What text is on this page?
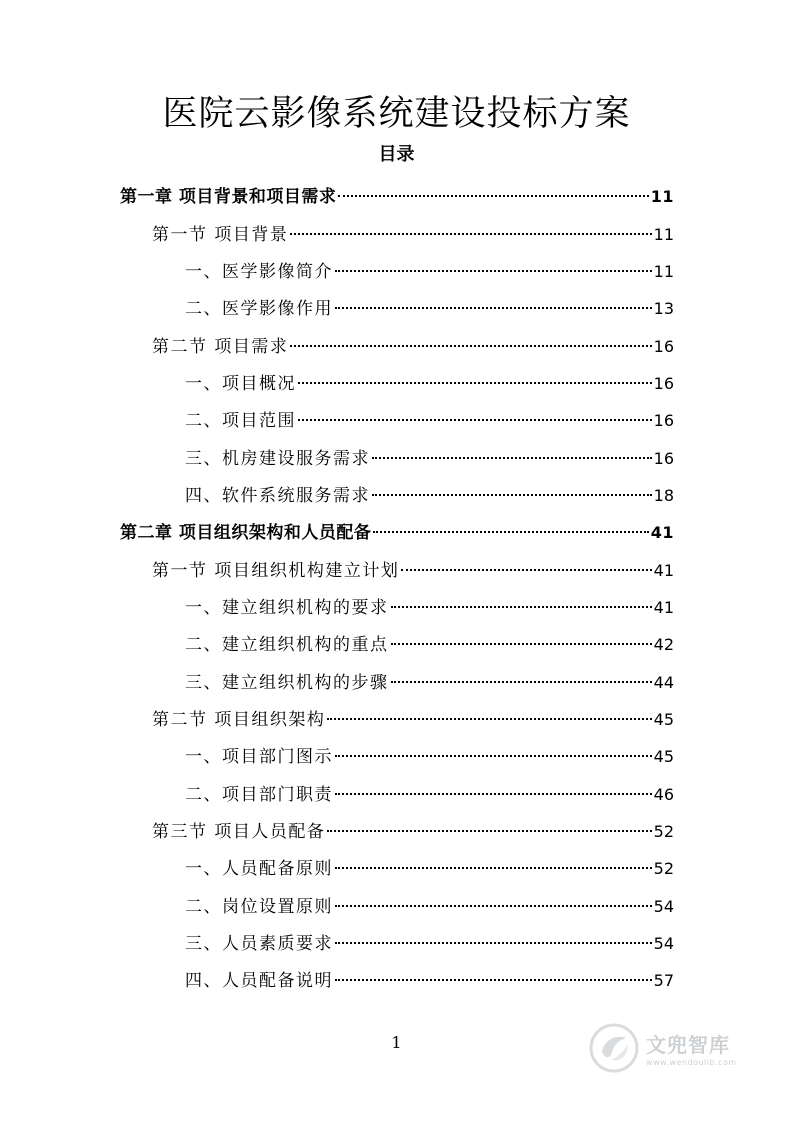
医院云影像系统建设投标方案
目录
第一章 项目背景和项目需求	11
第一节 项目背景	11
一、医学影像简介	11
二、医学影像作用	13
第二节 项目需求	16
一、项目概况	16
二、项目范围	16
三、机房建设服务需求	16
四、软件系统服务需求	18
第二章 项目组织架构和人员配备	41
第一节 项目组织机构建立计划	41
一、建立组织机构的要求	41
二、建立组织机构的重点	42
三、建立组织机构的步骤	44
第二节 项目组织架构	45
一、项目部门图示	45
二、项目部门职责	46
第三节 项目人员配备	52
一、人员配备原则	52
二、岗位设置原则	54
三、人员素质要求	54
四、人员配备说明	57
1	文兜智库
www.wendoulib.com
